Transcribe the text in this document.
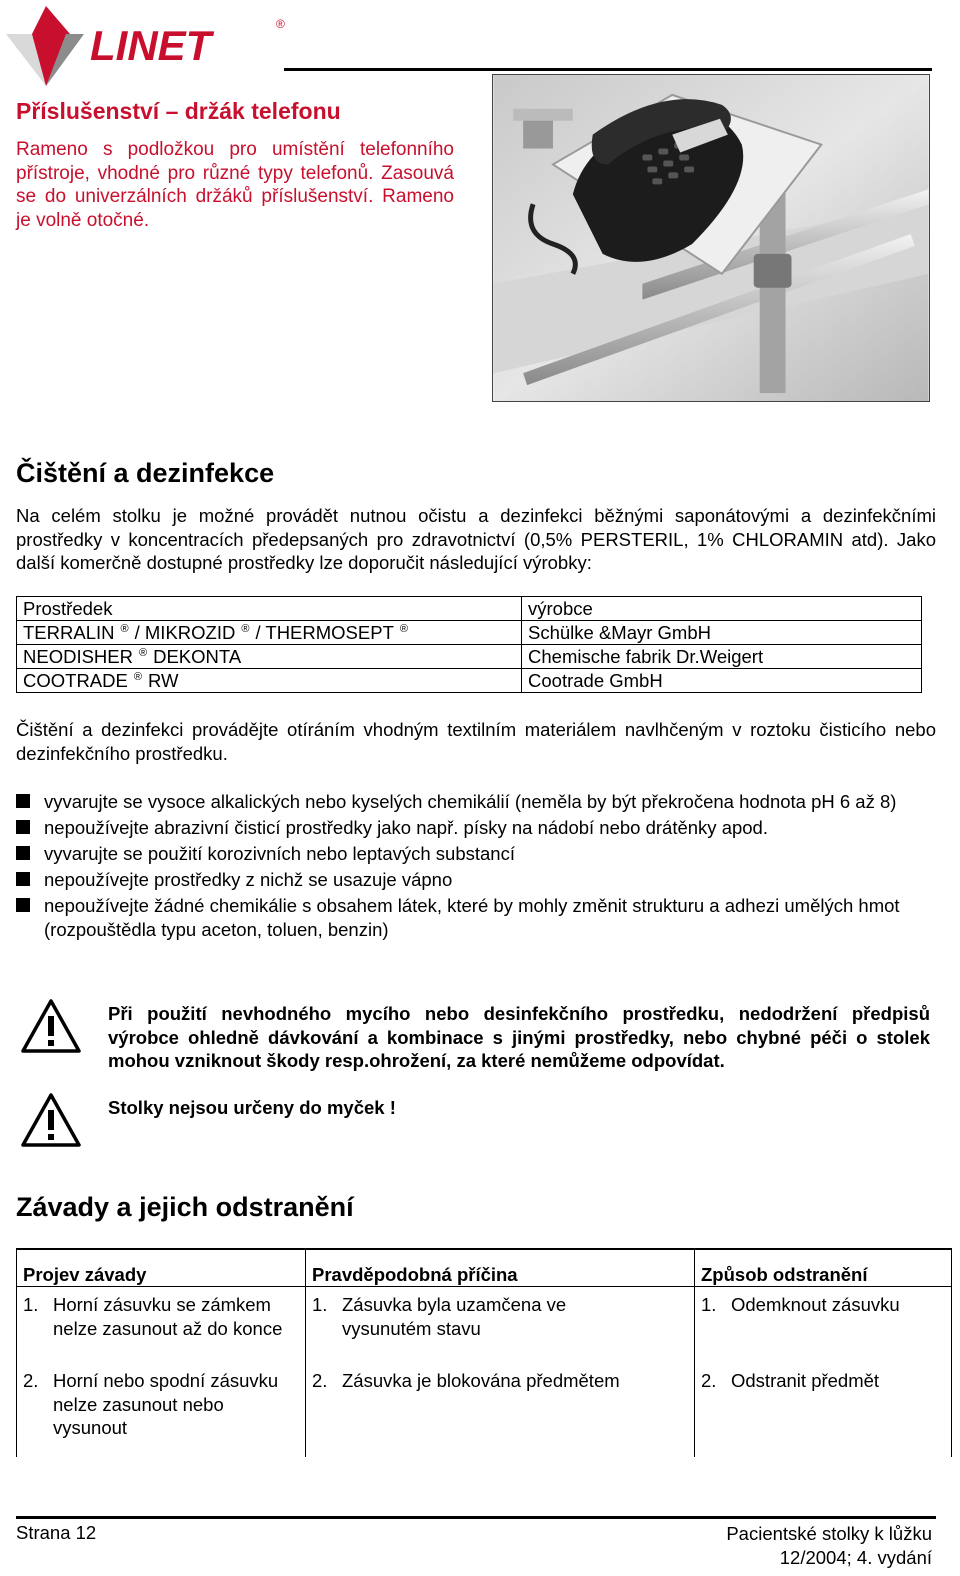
LINET	®
Příslušenství – držák telefonu

Rameno s podložkou pro umístění telefonního přístroje, vhodné pro různé typy telefonů. Zasouvá se do univerzálních držáků příslušenství. Rameno je volně otočné.

Čištění a dezinfekce

Na celém stolku je možné provádět nutnou očistu a dezinfekci běžnými saponátovými a dezinfekčními prostředky v koncentracích předepsaných pro zdravotnictví (0,5% PERSTERIL, 1% CHLORAMIN atd). Jako další komerčně dostupné prostředky lze doporučit následující výrobky:

Prostředek	výrobce
TERRALIN ® / MIKROZID ® / THERMOSEPT ®	Schülke &Mayr GmbH
NEODISHER ® DEKONTA	Chemische fabrik Dr.Weigert
COOTRADE ® RW	Cootrade GmbH

Čištění a dezinfekci provádějte otíráním vhodným textilním materiálem navlhčeným v roztoku čisticího nebo dezinfekčního prostředku.

vyvarujte se vysoce alkalických nebo kyselých chemikálií (neměla by být překročena hodnota pH 6 až 8)
nepoužívejte abrazivní čisticí prostředky jako např. písky na nádobí nebo drátěnky apod.
vyvarujte se použití korozivních nebo leptavých substancí
nepoužívejte prostředky z nichž se usazuje vápno
nepoužívejte žádné chemikálie s obsahem látek, které by mohly změnit strukturu a adhezi umělých hmot (rozpouštědla typu aceton, toluen, benzin)

Při použití nevhodného mycího nebo desinfekčního prostředku, nedodržení předpisů výrobce ohledně dávkování a kombinace s jinými prostředky, nebo chybné péči o stolek mohou vzniknout škody resp.ohrožení, za které nemůžeme odpovídat.

Stolky nejsou určeny do myček !

Závady a jejich odstranění
Projev závady	Pravděpodobná příčina	Způsob odstranění
1. Horní zásuvku se zámkem nelze zasunout až do konce	1. Zásuvka byla uzamčena ve vysunutém stavu	1. Odemknout zásuvku
2. Horní nebo spodní zásuvku nelze zasunout nebo vysunout	2. Zásuvka je blokována předmětem	2. Odstranit předmět
Strana 12	Pacientské stolky k lůžku
12/2004; 4. vydání
